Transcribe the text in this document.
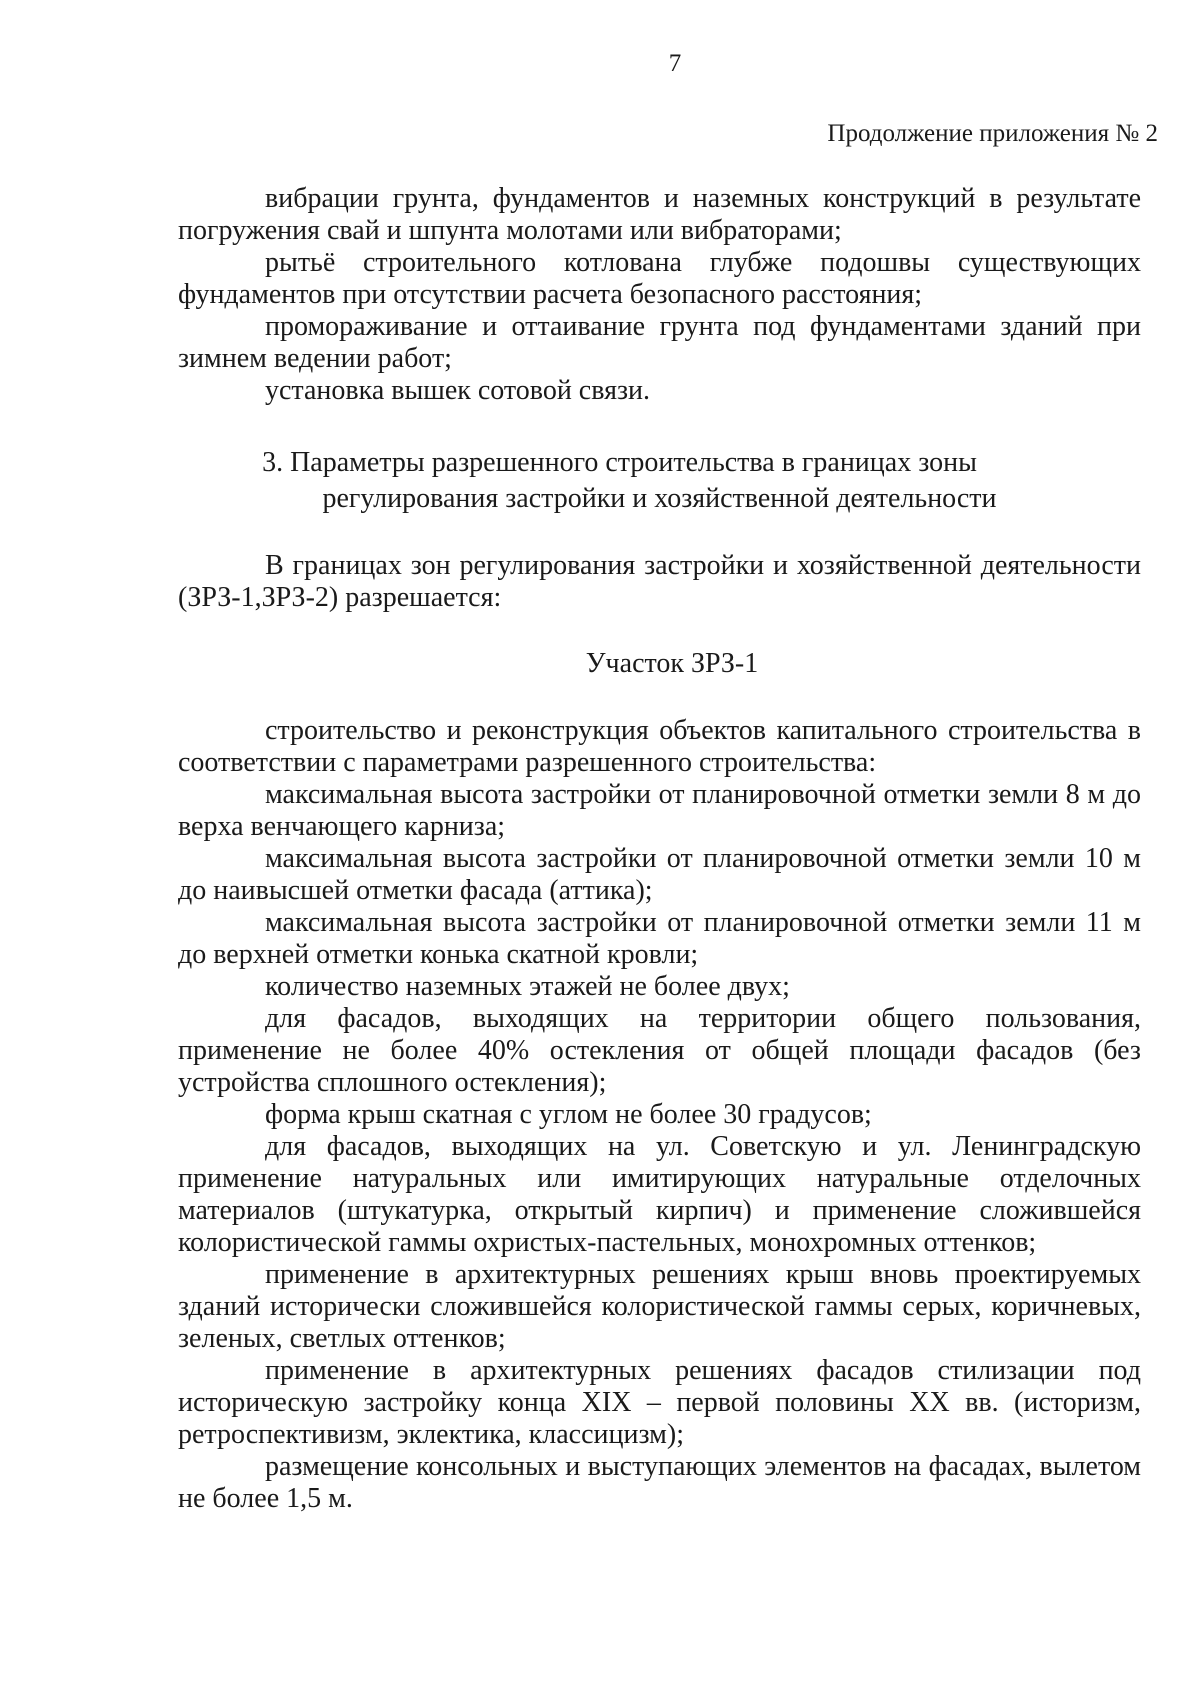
7
Продолжение приложения № 2

вибрации грунта, фундаментов и наземных конструкций в результате погружения свай и шпунта молотами или вибраторами;

рытьё строительного котлована глубже подошвы существующих фундаментов при отсутствии расчета безопасного расстояния;

промораживание и оттаивание грунта под фундаментами зданий при зимнем ведении работ;

установка вышек сотовой связи.

3. Параметры разрешенного строительства в границах зоны
регулирования застройки и хозяйственной деятельности

В границах зон регулирования застройки и хозяйственной деятельности (ЗРЗ-1,ЗРЗ-2) разрешается:

Участок ЗРЗ-1

строительство и реконструкция объектов капитального строительства в соответствии с параметрами разрешенного строительства:

максимальная высота застройки от планировочной отметки земли 8 м до верха венчающего карниза;

максимальная высота застройки от планировочной отметки земли 10 м до наивысшей отметки фасада (аттика);

максимальная высота застройки от планировочной отметки земли 11 м до верхней отметки конька скатной кровли;

количество наземных этажей не более двух;

для фасадов, выходящих на территории общего пользования, применение не более 40% остекления от общей площади фасадов (без устройства сплошного остекления);

форма крыш скатная с углом не более 30 градусов;

для фасадов, выходящих на ул. Советскую и ул. Ленинградскую применение натуральных или имитирующих натуральные отделочных материалов (штукатурка, открытый кирпич) и применение сложившейся колористической гаммы охристых-пастельных, монохромных оттенков;

применение в архитектурных решениях крыш вновь проектируемых зданий исторически сложившейся колористической гаммы серых, коричневых, зеленых, светлых оттенков;

применение в архитектурных решениях фасадов стилизации под историческую застройку конца XIX – первой половины XX вв. (историзм, ретроспективизм, эклектика, классицизм);

размещение консольных и выступающих элементов на фасадах, вылетом не более 1,5 м.
